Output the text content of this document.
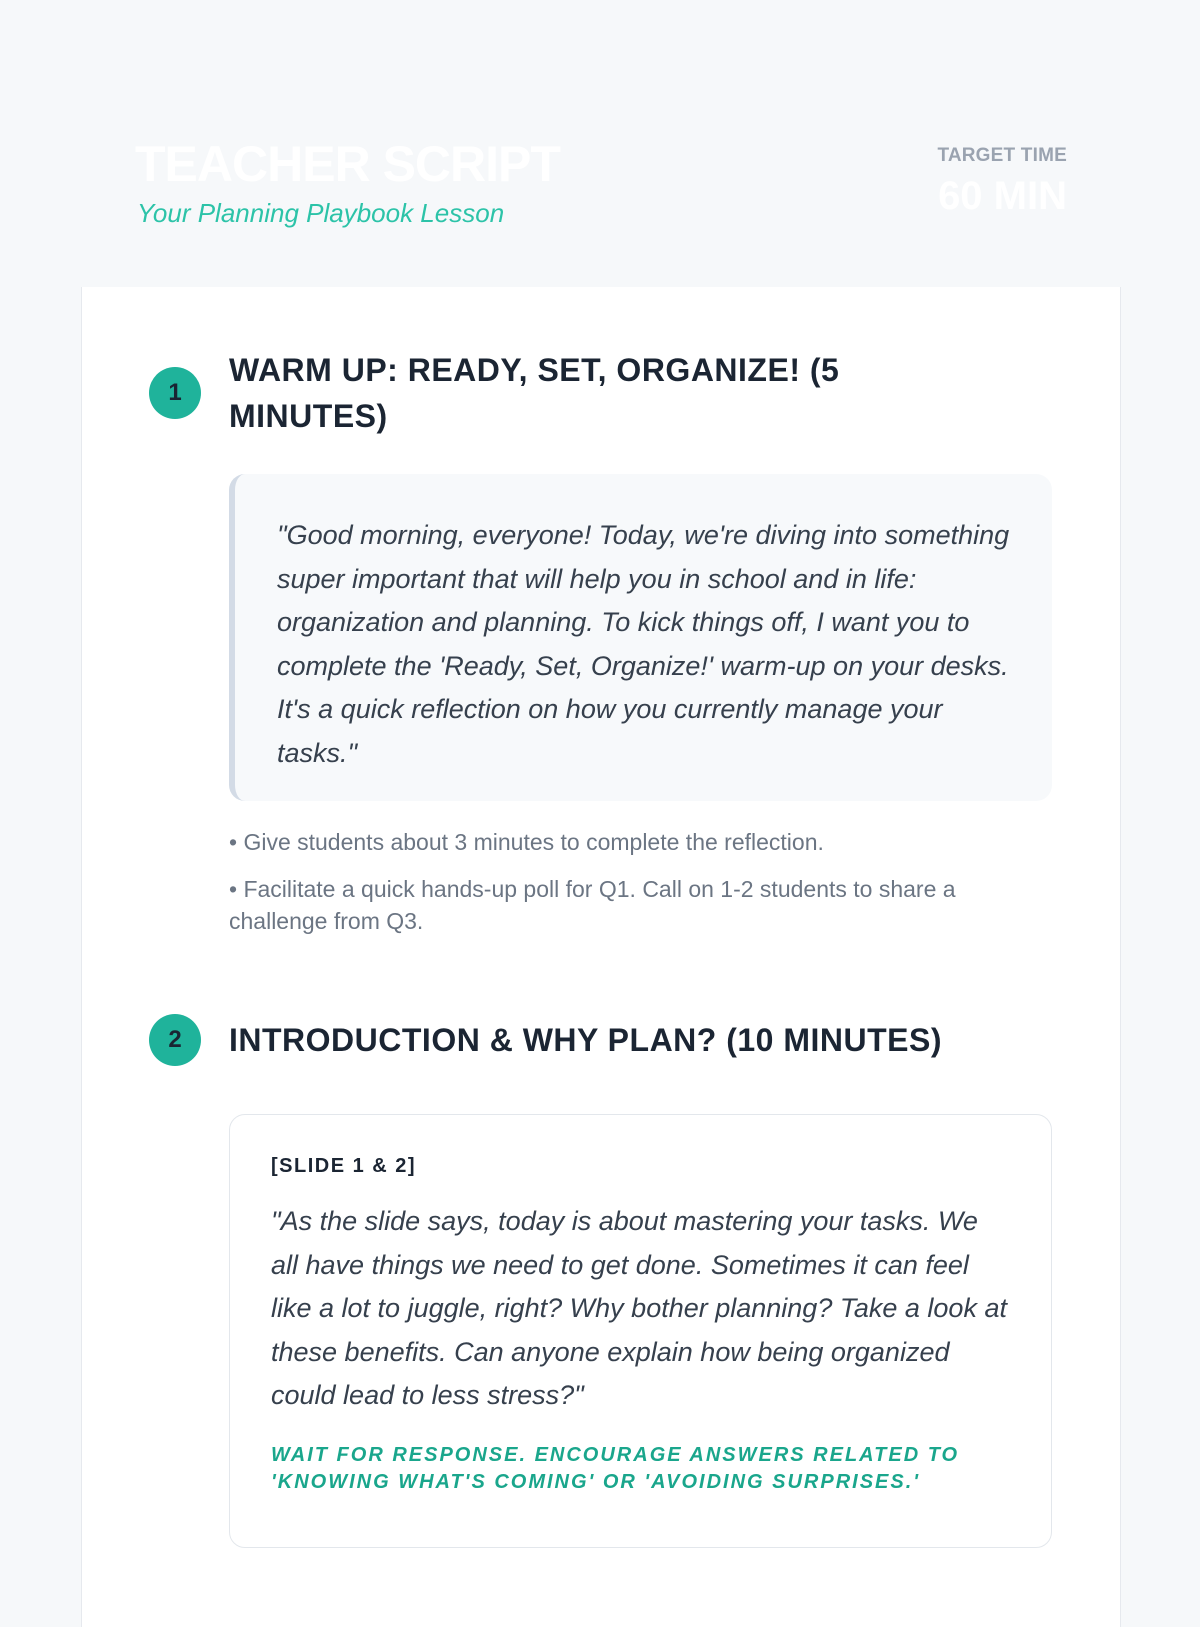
TEACHER SCRIPT
Your Planning Playbook Lesson
TARGET TIME
60 MIN
1
WARM UP: READY, SET, ORGANIZE! (5 MINUTES)

"Good morning, everyone! Today, we're diving into something super important that will help you in school and in life: organization and planning. To kick things off, I want you to complete the 'Ready, Set, Organize!' warm-up on your desks. It's a quick reflection on how you currently manage your tasks."

• Give students about 3 minutes to complete the reflection.
• Facilitate a quick hands-up poll for Q1. Call on 1-2 students to share a challenge from Q3.
2	INTRODUCTION & WHY PLAN? (10 MINUTES)

[SLIDE 1 & 2]

"As the slide says, today is about mastering your tasks. We all have things we need to get done. Sometimes it can feel like a lot to juggle, right? Why bother planning? Take a look at these benefits. Can anyone explain how being organized could lead to less stress?"

WAIT FOR RESPONSE. ENCOURAGE ANSWERS RELATED TO 'KNOWING WHAT'S COMING' OR 'AVOIDING SURPRISES.'
